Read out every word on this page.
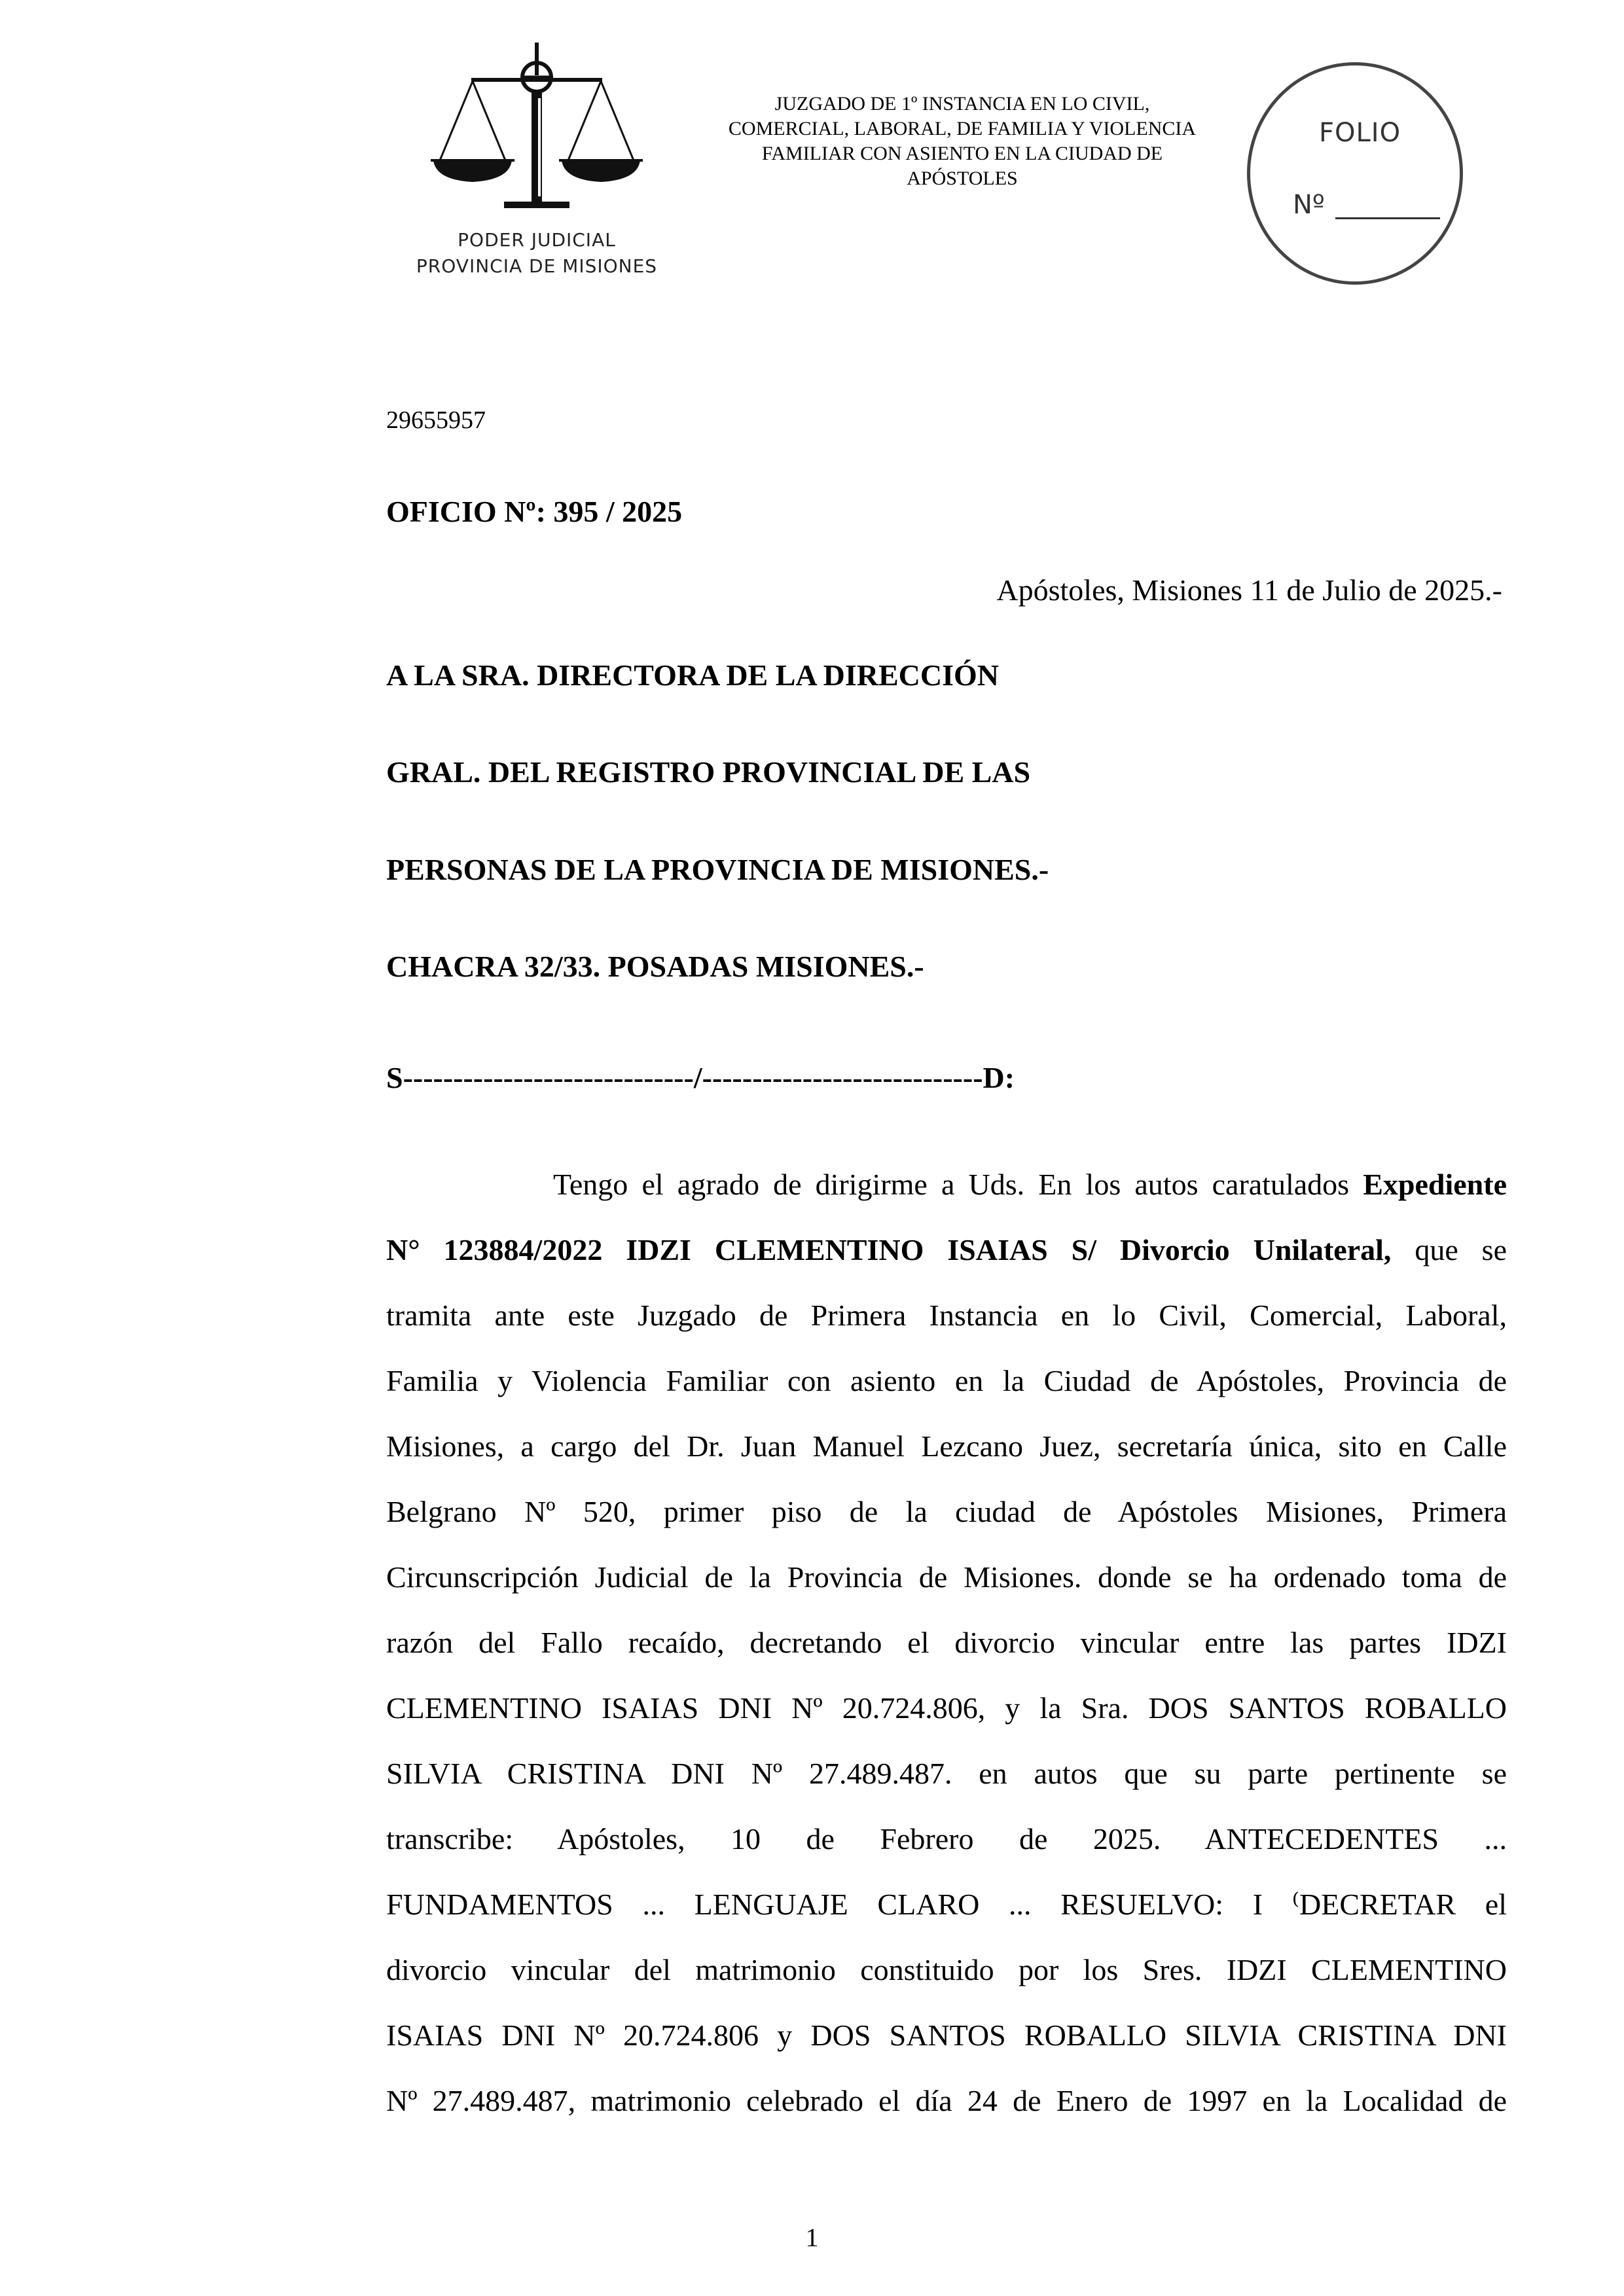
PODER JUDICIAL
PROVINCIA DE MISIONES
JUZGADO DE 1º INSTANCIA EN LO CIVIL,
COMERCIAL, LABORAL, DE FAMILIA Y VIOLENCIA
FAMILIAR CON ASIENTO EN LA CIUDAD DE
APÓSTOLES
FOLIO
Nº
29655957
OFICIO Nº: 395 / 2025
Apóstoles, Misiones 11 de Julio de 2025.-
A LA SRA. DIRECTORA DE LA DIRECCIÓN
GRAL. DEL REGISTRO PROVINCIAL DE LAS
PERSONAS DE LA PROVINCIA DE MISIONES.-
CHACRA 32/33. POSADAS MISIONES.-
S-----------------------------/----------------------------D:
Tengo el agrado de dirigirme a Uds. En los autos caratulados Expediente
N° 123884/2022 IDZI CLEMENTINO ISAIAS S/ Divorcio Unilateral, que se
tramita ante este Juzgado de Primera Instancia en lo Civil, Comercial, Laboral,
Familia y Violencia Familiar con asiento en la Ciudad de Apóstoles, Provincia de
Misiones, a cargo del Dr. Juan Manuel Lezcano Juez, secretaría única, sito en Calle
Belgrano Nº 520, primer piso de la ciudad de Apóstoles Misiones, Primera
Circunscripción Judicial de la Provincia de Misiones. donde se ha ordenado toma de
razón del Fallo recaído, decretando el divorcio vincular entre las partes IDZI
CLEMENTINO ISAIAS DNI Nº 20.724.806, y la Sra. DOS SANTOS ROBALLO
SILVIA CRISTINA DNI Nº 27.489.487. en autos que su parte pertinente se
transcribe: Apóstoles, 10 de Febrero de 2025. ANTECEDENTES ...
FUNDAMENTOS ... LENGUAJE CLARO ... RESUELVO: I ⁽DECRETAR el
divorcio vincular del matrimonio constituido por los Sres. IDZI CLEMENTINO
ISAIAS DNI Nº 20.724.806 y DOS SANTOS ROBALLO SILVIA CRISTINA DNI
Nº 27.489.487, matrimonio celebrado el día 24 de Enero de 1997 en la Localidad de
1
